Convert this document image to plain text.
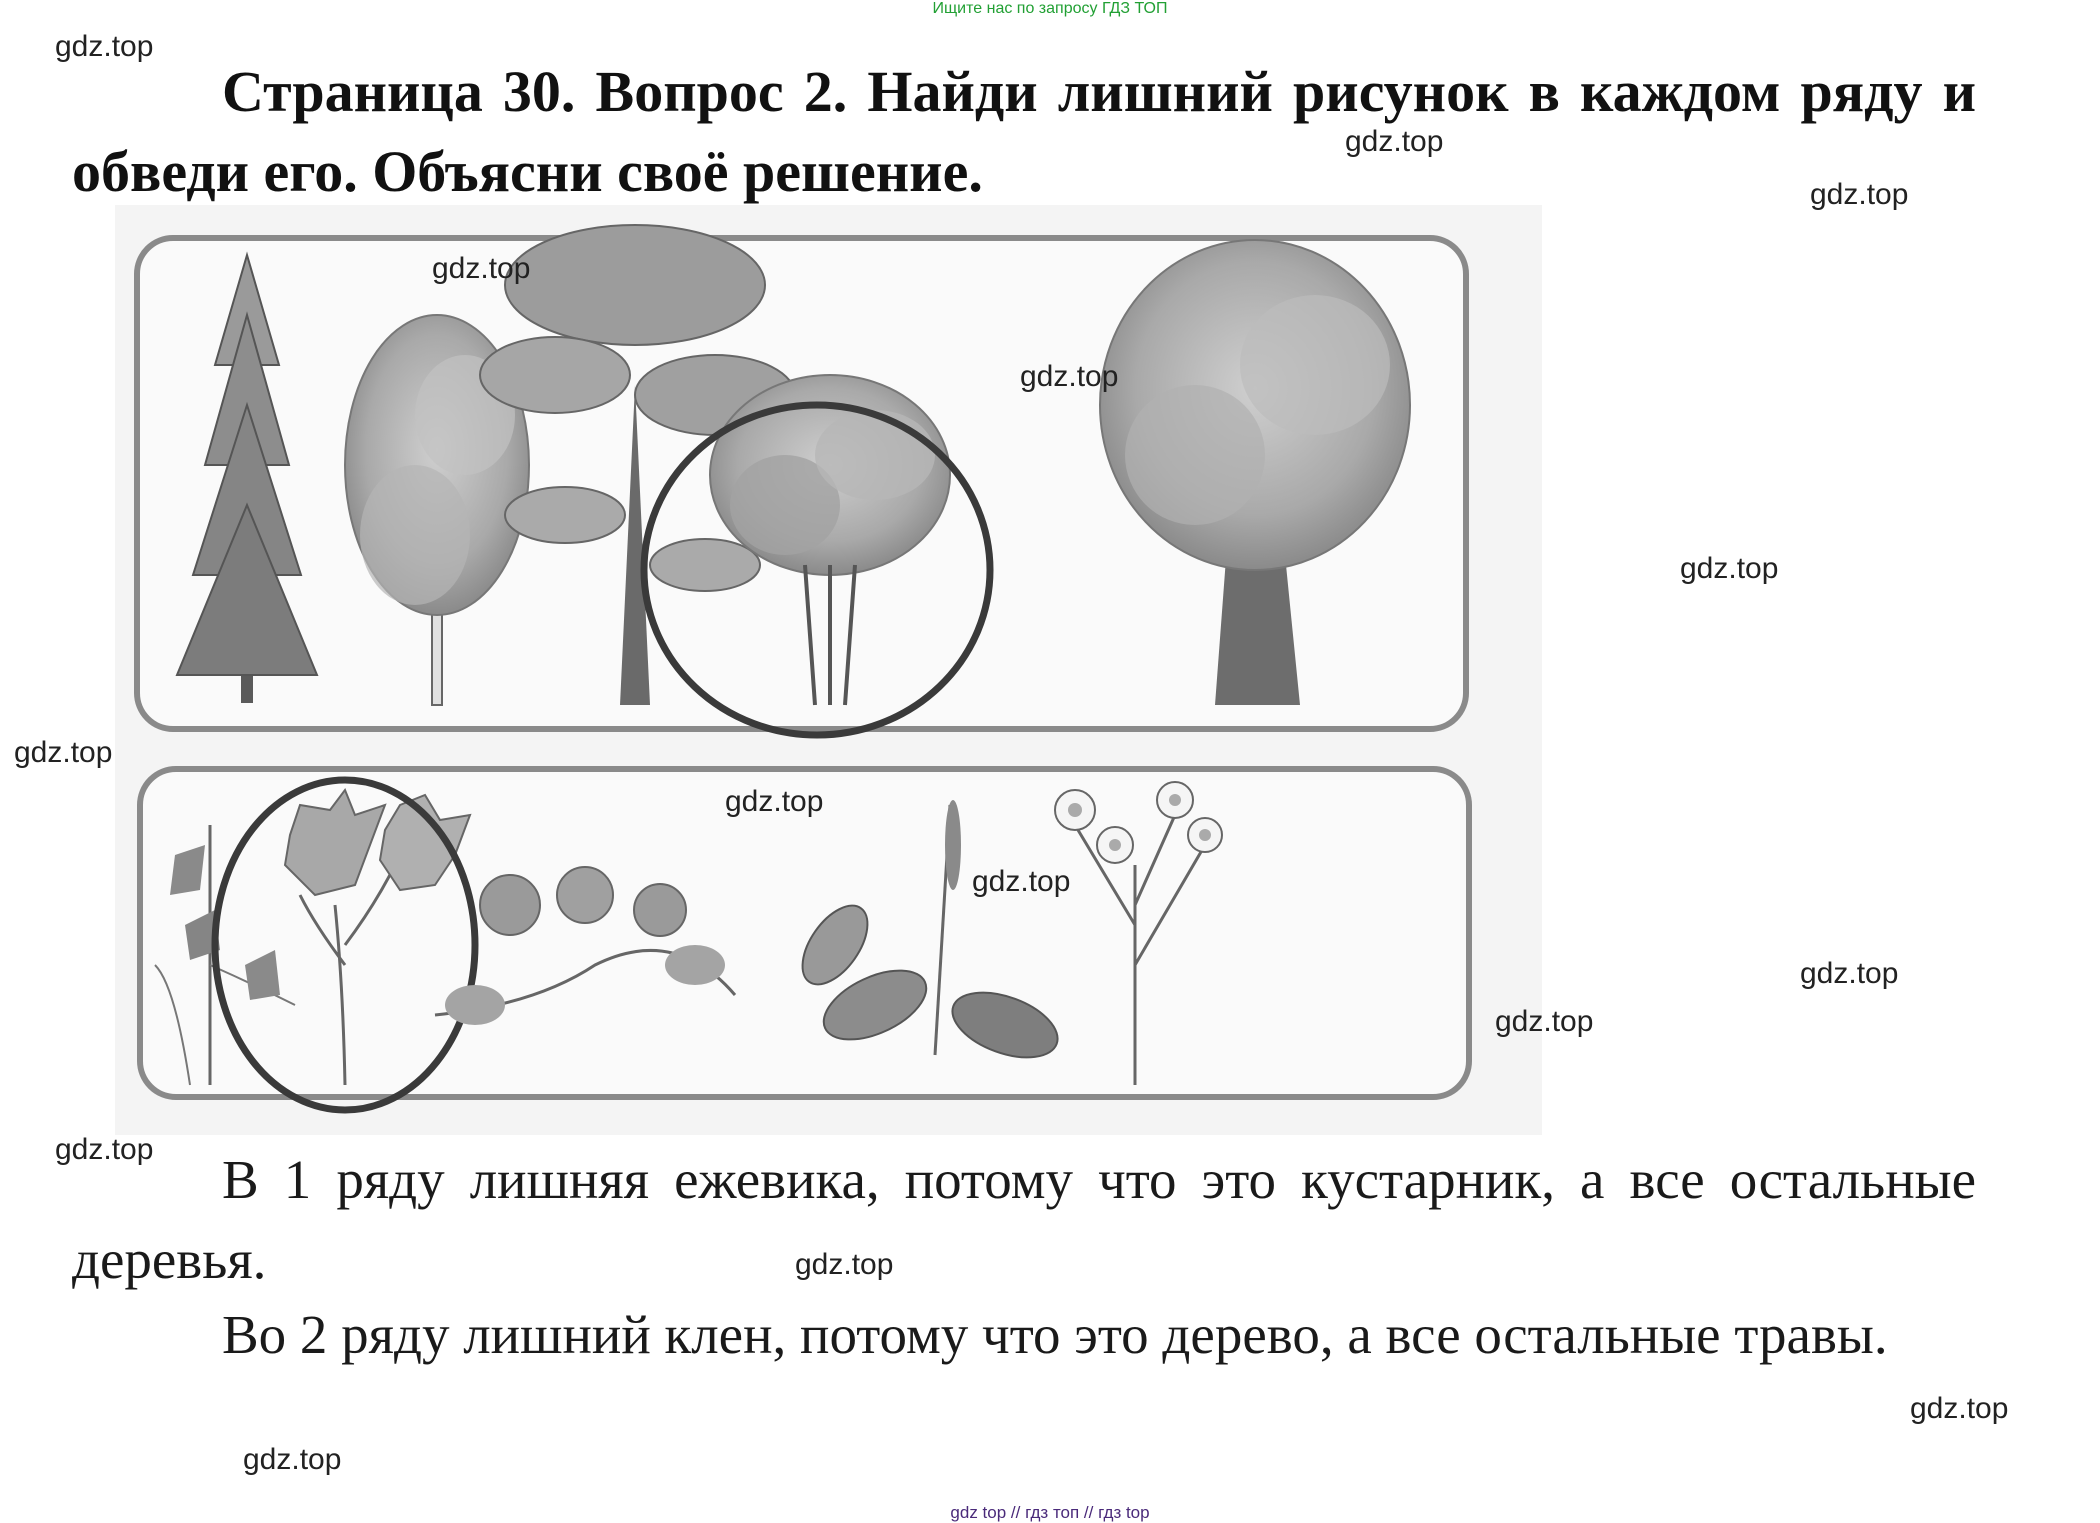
Ищите нас по запросу ГДЗ ТОП
Страница 30. Вопрос 2. Найди лишний рисунок в каждом ряду и обведи его. Объясни своё решение.
В 1 ряду лишняя ежевика, потому что это кустарник, а все остальные деревья.
Во 2 ряду лишний клен, потому что это дерево, а все остальные травы.
gdz.top
gdz.top
gdz.top
gdz.top
gdz.top
gdz.top
gdz.top
gdz.top
gdz.top
gdz.top
gdz.top
gdz.top
gdz.top
gdz.top
gdz.top
gdz top // гдз топ // гдз top
